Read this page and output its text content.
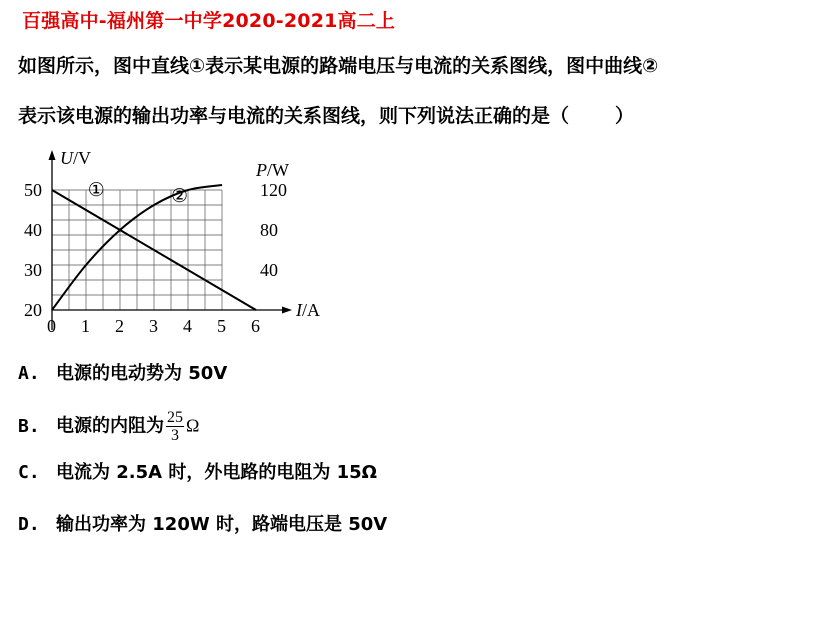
百强高中-福州第一中学2020-2021高二上
如图所示，图中直线①表示某电源的路端电压与电流的关系图线，图中曲线②
表示该电源的输出功率与电流的关系图线，则下列说法正确的是（ ）
0 1 2 3 4 5 6
20
30
40
50
40
80
120
U/V
P/W
I/A
①	②
A. 电源的电动势为 50V
B. 电源的内阻为 $\frac{25}{3}$ Ω
C. 电流为 2.5A 时，外电路的电阻为 15Ω
D. 输出功率为 120W 时，路端电压是 50V
